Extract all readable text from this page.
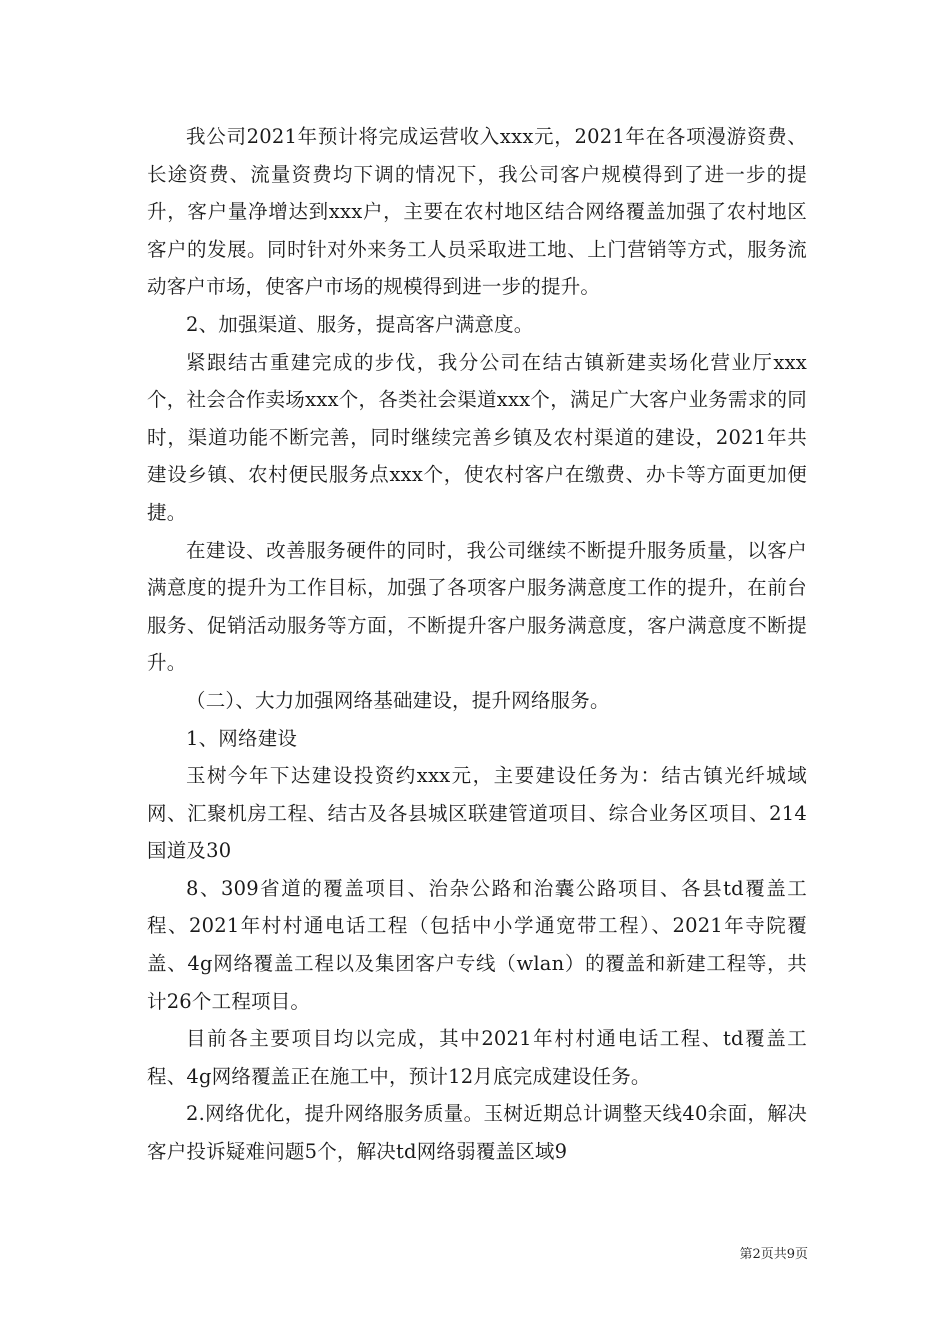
我公司2021年预计将完成运营收入xxx元，2021年在各项漫游资费、长途资费、流量资费均下调的情况下，我公司客户规模得到了进一步的提升，客户量净增达到xxx户，主要在农村地区结合网络覆盖加强了农村地区客户的发展。同时针对外来务工人员采取进工地、上门营销等方式，服务流动客户市场，使客户市场的规模得到进一步的提升。

2、加强渠道、服务，提高客户满意度。

紧跟结古重建完成的步伐，我分公司在结古镇新建卖场化营业厅xxx个，社会合作卖场xxx个，各类社会渠道xxx个，满足广大客户业务需求的同时，渠道功能不断完善，同时继续完善乡镇及农村渠道的建设，2021年共建设乡镇、农村便民服务点xxx个，使农村客户在缴费、办卡等方面更加便捷。

在建设、改善服务硬件的同时，我公司继续不断提升服务质量，以客户满意度的提升为工作目标，加强了各项客户服务满意度工作的提升，在前台服务、促销活动服务等方面，不断提升客户服务满意度，客户满意度不断提升。

（二）、大力加强网络基础建设，提升网络服务。

1、网络建设

玉树今年下达建设投资约xxx元，主要建设任务为：结古镇光纤城域网、汇聚机房工程、结古及各县城区联建管道项目、综合业务区项目、214国道及30

8、309省道的覆盖项目、治杂公路和治囊公路项目、各县td覆盖工程、2021年村村通电话工程（包括中小学通宽带工程）、2021年寺院覆盖、4g网络覆盖工程以及集团客户专线（wlan）的覆盖和新建工程等，共计26个工程项目。

目前各主要项目均以完成，其中2021年村村通电话工程、td覆盖工程、4g网络覆盖正在施工中，预计12月底完成建设任务。

2.网络优化，提升网络服务质量。玉树近期总计调整天线40余面，解决客户投诉疑难问题5个，解决td网络弱覆盖区域9

第2页共9页
